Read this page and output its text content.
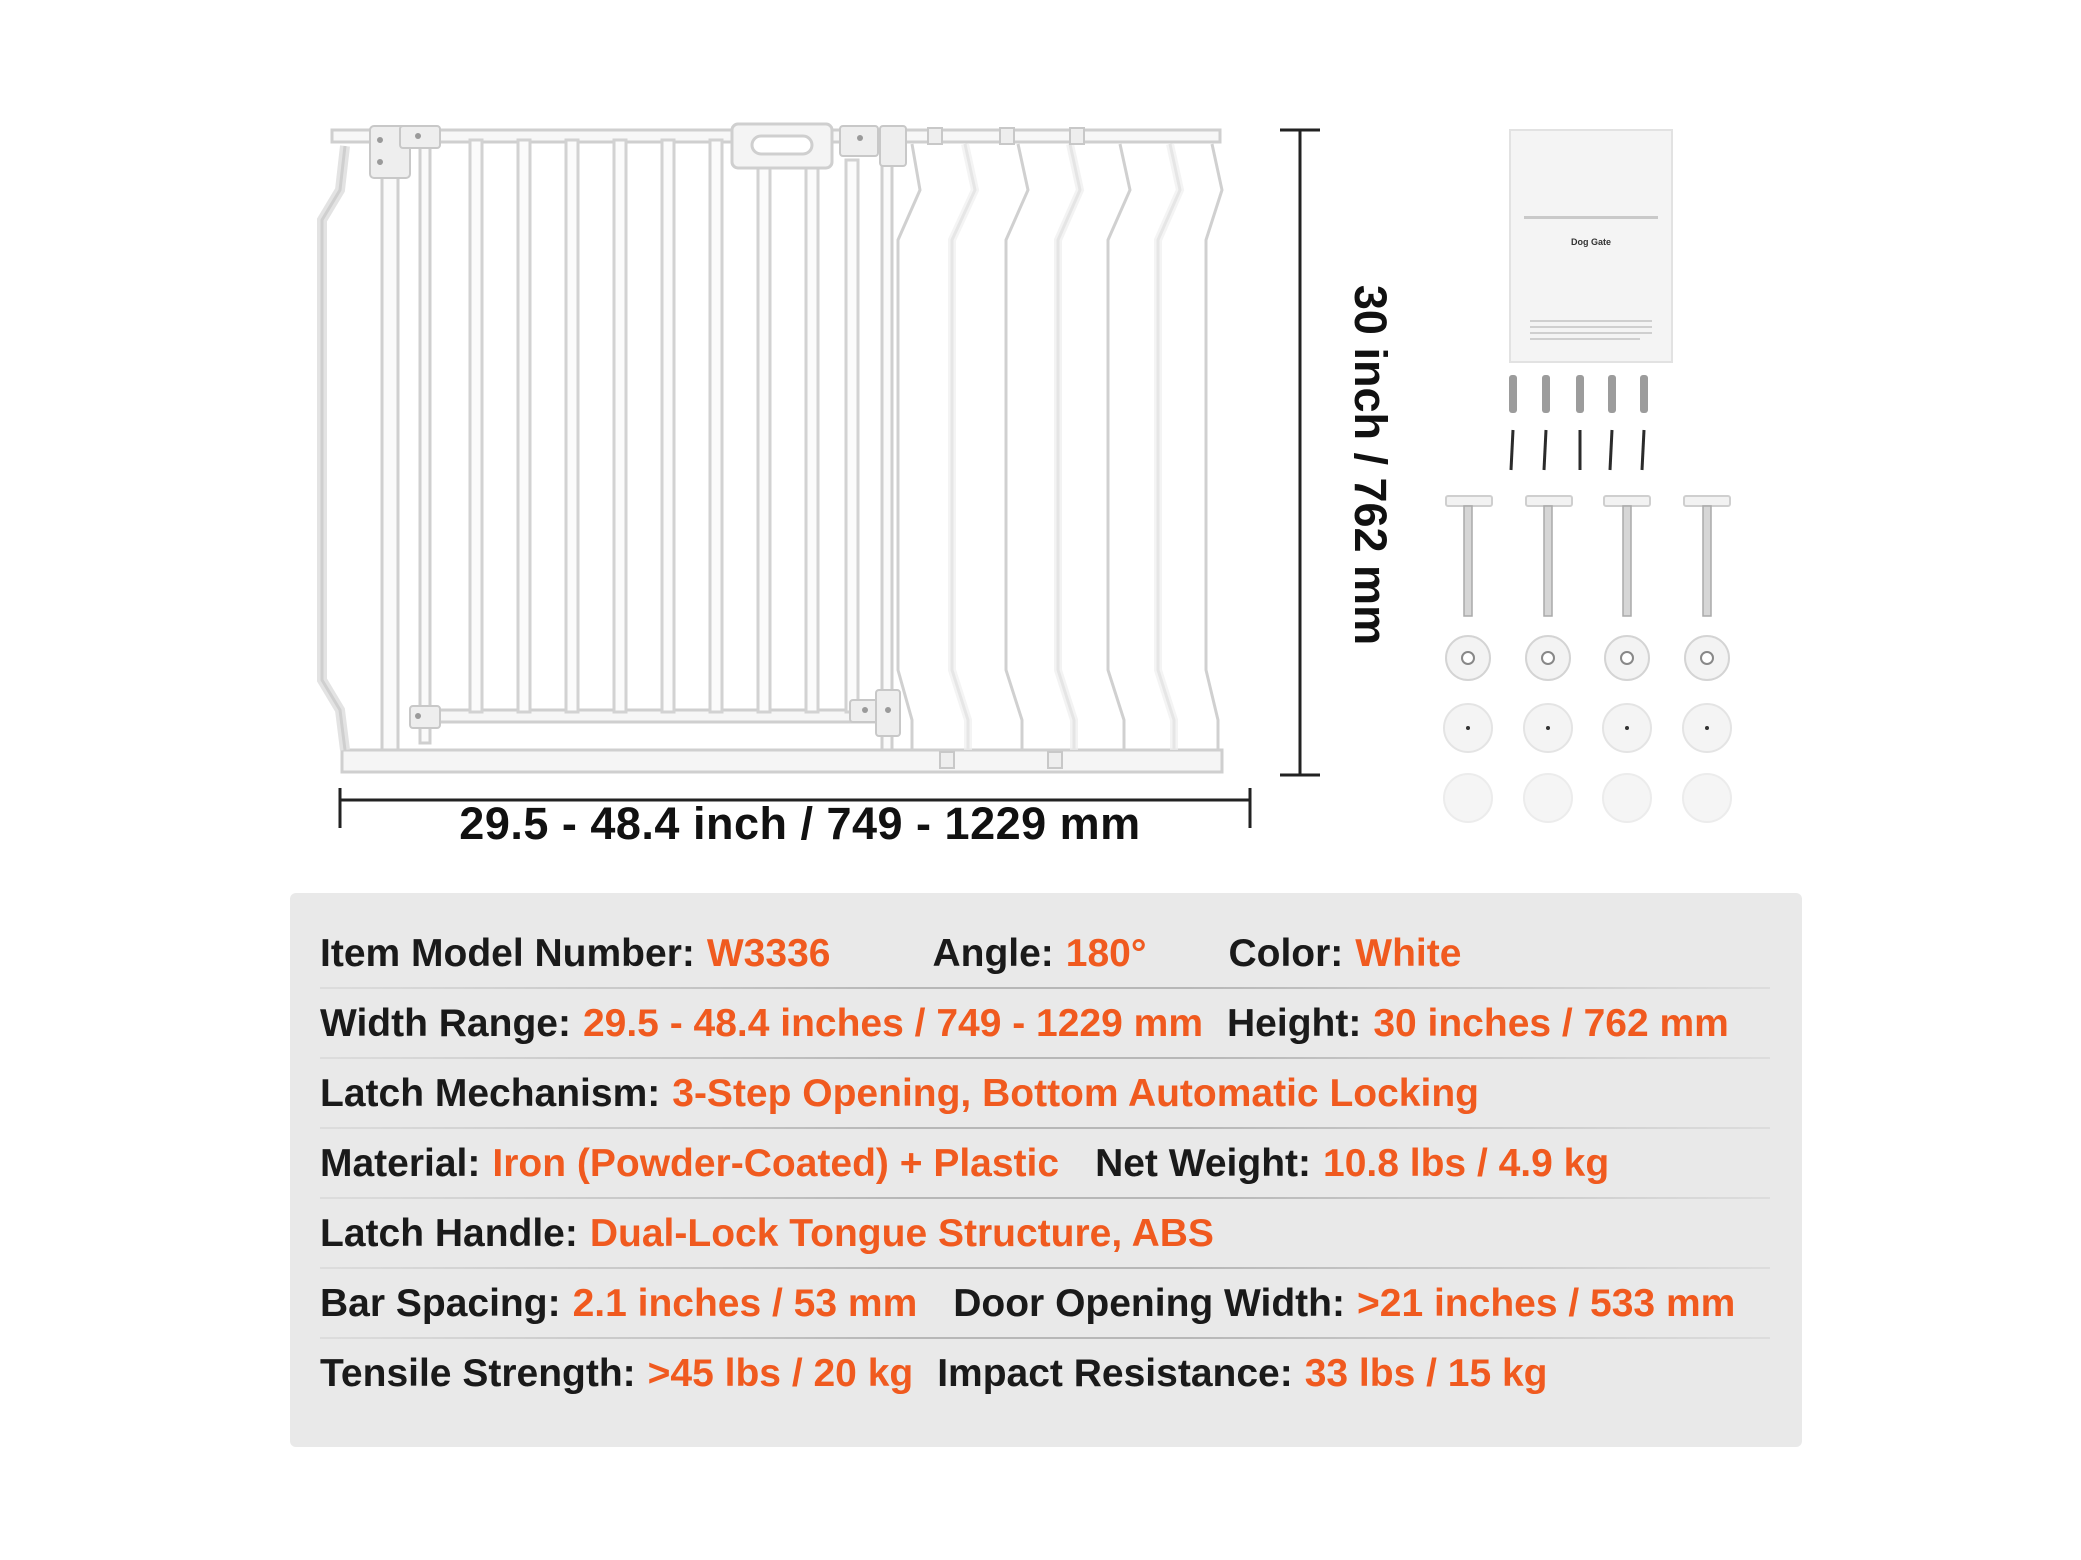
29.5 - 48.4 inch / 749 - 1229 mm
30 inch / 762 mm
Dog Gate
Item Model Number: W3336	Angle: 180° Color: White
Width Range: 29.5 - 48.4 inches / 749 - 1229 mm Height: 30 inches / 762 mm
Latch Mechanism: 3-Step Opening, Bottom Automatic Locking
Material: Iron (Powder-Coated) + Plastic Net Weight: 10.8 lbs / 4.9 kg
Latch Handle: Dual-Lock Tongue Structure, ABS
Bar Spacing: 2.1 inches / 53 mm Door Opening Width: >21 inches / 533 mm
Tensile Strength: >45 lbs / 20 kg Impact Resistance: 33 lbs / 15 kg
